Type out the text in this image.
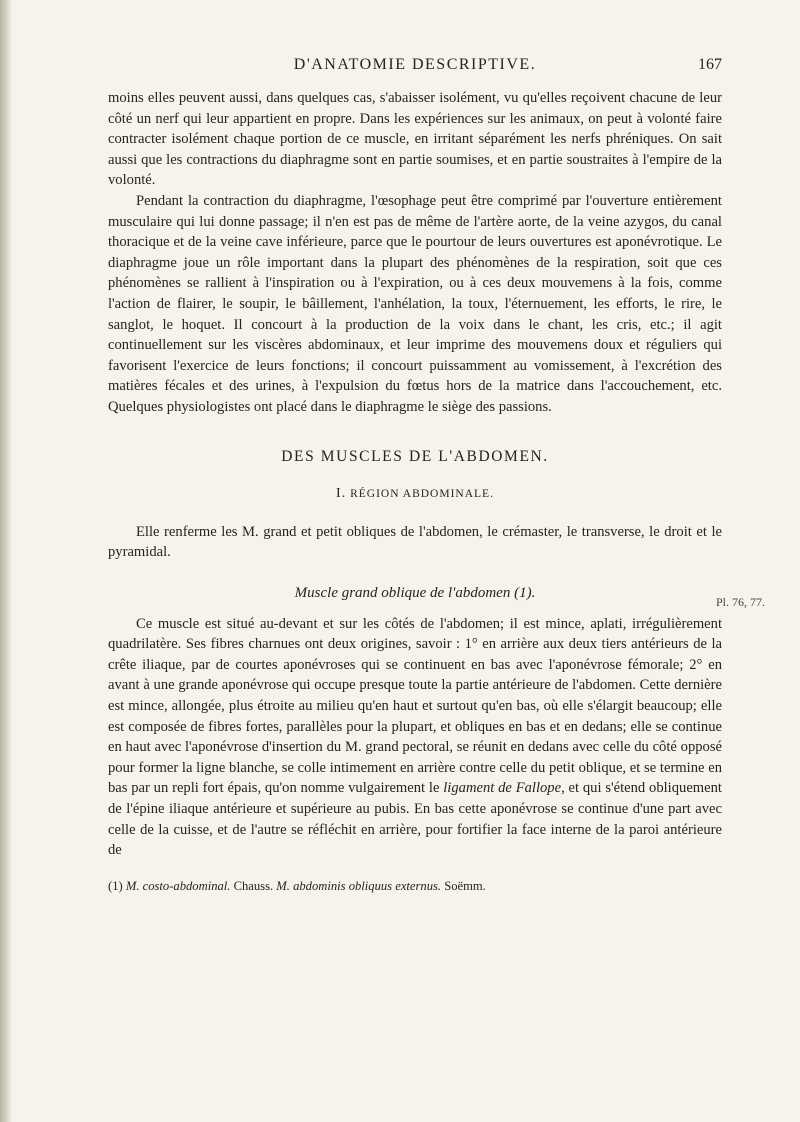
D'ANATOMIE DESCRIPTIVE.	167

moins elles peuvent aussi, dans quelques cas, s'abaisser isolément, vu qu'elles reçoivent chacune de leur côté un nerf qui leur appartient en propre. Dans les expériences sur les animaux, on peut à volonté faire contracter isolément chaque portion de ce muscle, en irritant séparément les nerfs phréniques. On sait aussi que les contractions du diaphragme sont en partie soumises, et en partie soustraites à l'empire de la volonté.

Pendant la contraction du diaphragme, l'œsophage peut être comprimé par l'ouverture entièrement musculaire qui lui donne passage; il n'en est pas de même de l'artère aorte, de la veine azygos, du canal thoracique et de la veine cave inférieure, parce que le pourtour de leurs ouvertures est aponévrotique. Le diaphragme joue un rôle important dans la plupart des phénomènes de la respiration, soit que ces phénomènes se rallient à l'inspiration ou à l'expiration, ou à ces deux mouvemens à la fois, comme l'action de flairer, le soupir, le bâillement, l'anhélation, la toux, l'éternuement, les efforts, le rire, le sanglot, le hoquet. Il concourt à la production de la voix dans le chant, les cris, etc.; il agit continuellement sur les viscères abdominaux, et leur imprime des mouvemens doux et réguliers qui favorisent l'exercice de leurs fonctions; il concourt puissamment au vomissement, à l'excrétion des matières fécales et des urines, à l'expulsion du fœtus hors de la matrice dans l'accouchement, etc. Quelques physiologistes ont placé dans le diaphragme le siège des passions.

DES MUSCLES DE L'ABDOMEN.
I. RÉGION ABDOMINALE.

Elle renferme les M. grand et petit obliques de l'abdomen, le crémaster, le transverse, le droit et le pyramidal.

Muscle grand oblique de l'abdomen (1).

Ce muscle est situé au-devant et sur les côtés de l'abdomen; il est mince, aplati, irrégulièrement quadrilatère. Ses fibres charnues ont deux origines, savoir : 1° en arrière aux deux tiers antérieurs de la crête iliaque, par de courtes aponévroses qui se continuent en bas avec l'aponévrose fémorale; 2° en avant à une grande aponévrose qui occupe presque toute la partie antérieure de l'abdomen. Cette dernière est mince, allongée, plus étroite au milieu qu'en haut et surtout qu'en bas, où elle s'élargit beaucoup; elle est composée de fibres fortes, parallèles pour la plupart, et obliques en bas et en dedans; elle se continue en haut avec l'aponévrose d'insertion du M. grand pectoral, se réunit en dedans avec celle du côté opposé pour former la ligne blanche, se colle intimement en arrière contre celle du petit oblique, et se termine en bas par un repli fort épais, qu'on nomme vulgairement le ligament de Fallope, et qui s'étend obliquement de l'épine iliaque antérieure et supérieure au pubis. En bas cette aponévrose se continue d'une part avec celle de la cuisse, et de l'autre se réfléchit en arrière, pour fortifier la face interne de la paroi antérieure de

(1) M. costo-abdominal. Chauss. M. abdominis obliquus externus. Soëmm.
Pl. 76, 77.
